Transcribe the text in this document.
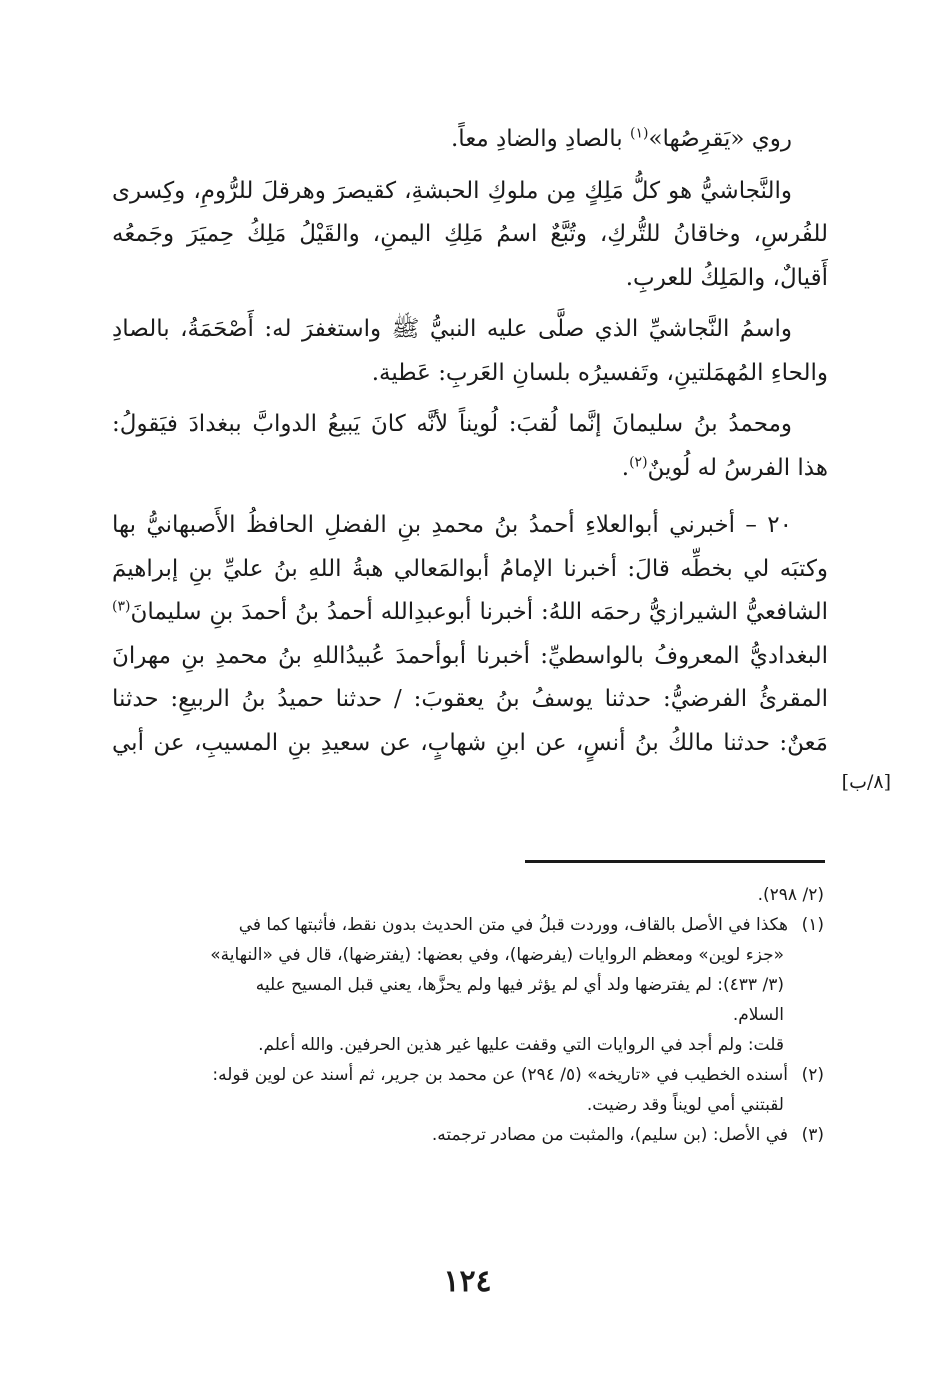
روي «يَقرِصُها»$^{(١)}$ بالصادِ والضادِ معاً.

والنَّجاشيُّ هو كلُّ مَلِكٍ مِن ملوكِ الحبشةِ، كقيصرَ وهرقلَ للرُّومِ، وكِسرى
للفُرسِ، وخاقانُ للتُّركِ، وتُبَّعٌ اسمُ مَلِكِ اليمنِ، والقَيْلُ مَلِكُ حِميَرَ وجَمعُه
أَقيالٌ، والمَلِكُ للعربِ.

واسمُ النَّجاشيِّ الذي صلَّى عليه النبيُّ ﷺ واستغفرَ له: أَصْحَمَةُ، بالصادِ
والحاءِ المُهمَلتينِ، وتَفسيرُه بلسانِ العَربِ: عَطية.

ومحمدُ بنُ سليمانَ إنَّما لُقبَ: لُويناً لأنَّه كانَ يَبيعُ الدوابَّ ببغدادَ فيَقولُ:
هذا الفرسُ له لُوينٌ$^{(٢)}$.

٢٠ – أخبرني أبوالعلاءِ أحمدُ بنُ محمدِ بنِ الفضلِ الحافظُ الأَصبهانيُّ بها
وكتبَه لي بخطِّه قالَ: أخبرنا الإمامُ أبوالمَعالي هبةُ اللهِ بنُ عليِّ بنِ إبراهيمَ
الشافعيُّ الشيرازيُّ رحمَه اللهُ: أخبرنا أبوعبدِالله أحمدُ بنُ أحمدَ بنِ سليمانَ$^{(٣)}$
البغداديُّ المعروفُ بالواسطيِّ: أخبرنا أبوأحمدَ عُبيدُاللهِ بنُ محمدِ بنِ مهرانَ
المقرئُ الفرضيُّ: حدثنا يوسفُ بنُ يعقوبَ: / حدثنا حميدُ بنُ الربيعِ: حدثنا
مَعنٌ: حدثنا مالكُ بنُ أنسٍ، عن ابنِ شهابٍ، عن سعيدِ بنِ المسيبِ، عن أبي

[٨/ب]
(٢/ ٢٩٨).
(١)هكذا في الأصل بالقاف، ووردت قبلُ في متن الحديث بدون نقط، فأثبتها كما في
«جزء لوين» ومعظم الروايات (يفرضها)، وفي بعضها: (يفترضها)، قال في «النهاية»
(٣/ ٤٣٣): لم يفترضها ولد أي لم يؤثر فيها ولم يحزَّها، يعني قبل المسيح عليه
السلام.
قلت: ولم أجد في الروايات التي وقفت عليها غير هذين الحرفين. والله أعلم.
(٢)أسنده الخطيب في «تاريخه» (٥/ ٢٩٤) عن محمد بن جرير، ثم أسند عن لوين قوله:
لقبتني أمي لويناً وقد رضيت.
(٣)في الأصل: (بن سليم)، والمثبت من مصادر ترجمته.
١٢٤
